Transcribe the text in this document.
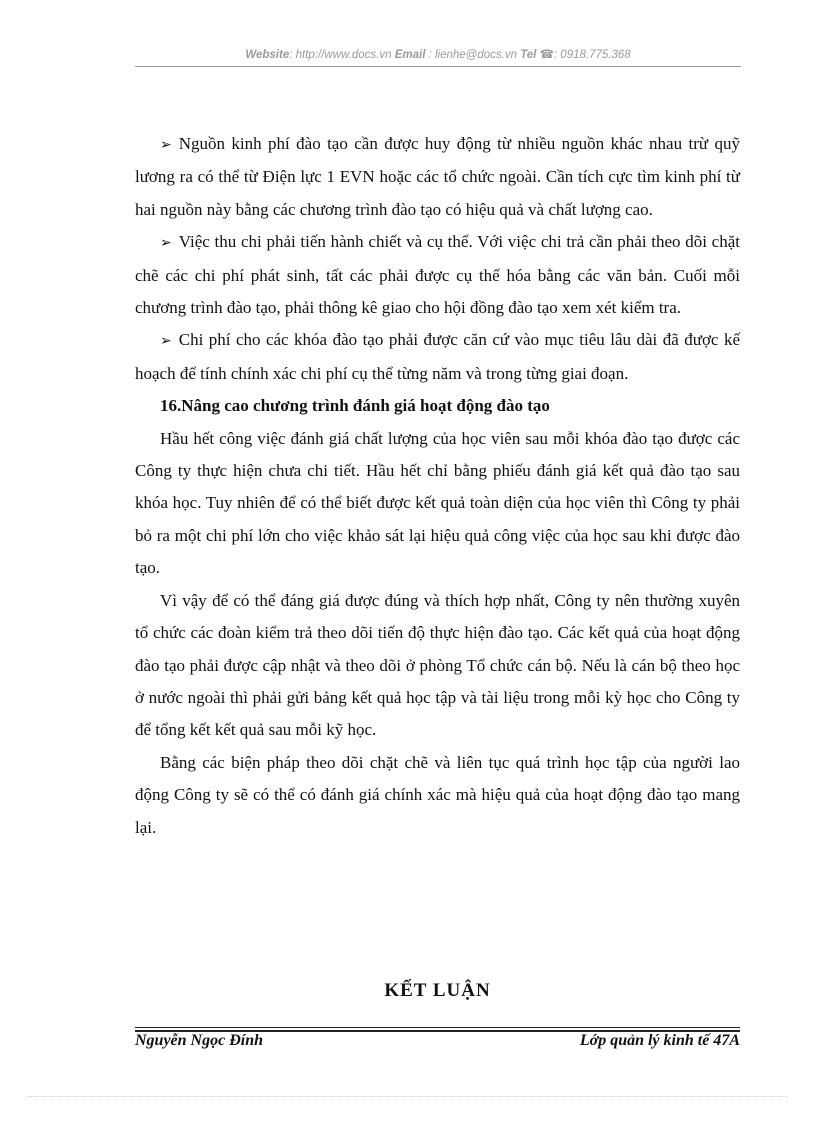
Website: http://www.docs.vn Email : lienhe@docs.vn Tel ☎: 0918.775.368

➢ Nguồn kinh phí đào tạo cần được huy động từ nhiều nguồn khác nhau trừ quỹ lương ra có thể từ Điện lực 1 EVN hoặc các tổ chức ngoài. Cần tích cực tìm kinh phí từ hai nguồn này bằng các chương trình đào tạo có hiệu quả và chất lượng cao.

➢ Việc thu chi phải tiến hành chiết và cụ thể. Với việc chi trả cần phải theo dõi chặt chẽ các chi phí phát sinh, tất các phải được cụ thể hóa bằng các văn bản. Cuối mỗi chương trình đào tạo, phải thông kê giao cho hội đồng đào tạo xem xét kiểm tra.

➢ Chi phí cho các khóa đào tạo phải được căn cứ vào mục tiêu lâu dài đã được kế hoạch để tính chính xác chi phí cụ thể từng năm và trong từng giai đoạn.

16.Nâng cao chương trình đánh giá hoạt động đào tạo

Hầu hết công việc đánh giá chất lượng của học viên sau mỗi khóa đào tạo được các Công ty thực hiện chưa chi tiết. Hầu hết chỉ bằng phiếu đánh giá kết quả đào tạo sau khóa học. Tuy nhiên để có thể biết được kết quả toàn diện của học viên thì Công ty phải bỏ ra một chi phí lớn cho việc khảo sát lại hiệu quả công việc của học sau khi được đào tạo.

Vì vậy để có thể đáng giá được đúng và thích hợp nhất, Công ty nên thường xuyên tổ chức các đoàn kiểm trả theo dõi tiến độ thực hiện đào tạo. Các kết quả của hoạt động đào tạo phải được cập nhật và theo dõi ở phòng Tổ chức cán bộ. Nếu là cán bộ theo học ở nước ngoài thì phải gửi bảng kết quả học tập và tài liệu trong mỗi kỳ học cho Công ty để tổng kết kết quả sau mỗi kỹ học.

Bằng các biện pháp theo dõi chặt chẽ và liên tục quá trình học tập của người lao động Công ty sẽ có thể có đánh giá chính xác mà hiệu quả của hoạt động đào tạo mang lại.

KẾT LUẬN
Nguyễn Ngọc Đính	Lớp quản lý kinh tế 47A
